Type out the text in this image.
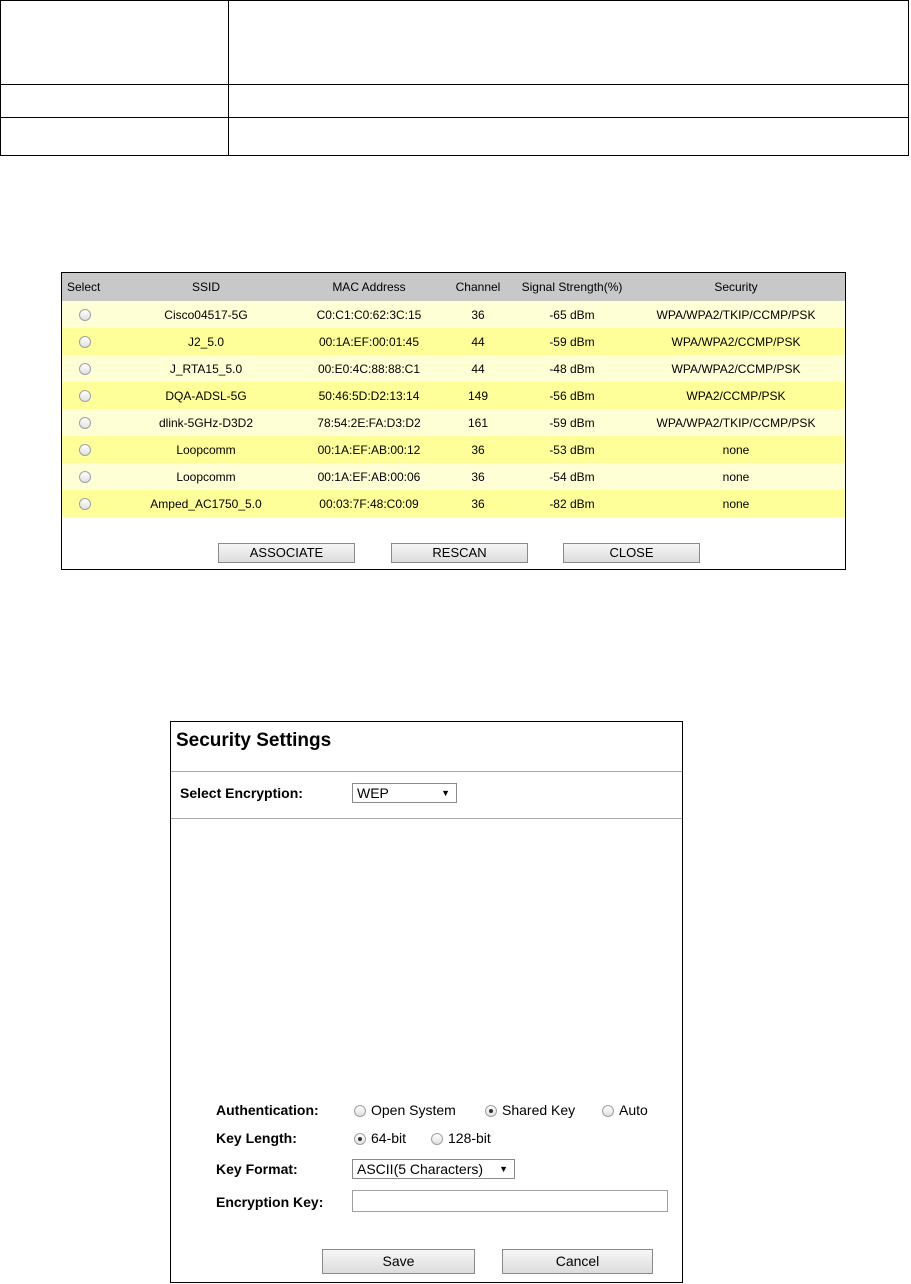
Select	SSID	MAC Address	Channel	Signal Strength(%)	Security
	Cisco04517-5G	C0:C1:C0:62:3C:15	36	-65 dBm	WPA/WPA2/TKIP/CCMP/PSK
	J2_5.0	00:1A:EF:00:01:45	44	-59 dBm	WPA/WPA2/CCMP/PSK
	J_RTA15_5.0	00:E0:4C:88:88:C1	44	-48 dBm	WPA/WPA2/CCMP/PSK
	DQA-ADSL-5G	50:46:5D:D2:13:14	149	-56 dBm	WPA2/CCMP/PSK
	dlink-5GHz-D3D2	78:54:2E:FA:D3:D2	161	-59 dBm	WPA/WPA2/TKIP/CCMP/PSK
	Loopcomm	00:1A:EF:AB:00:12	36	-53 dBm	none
	Loopcomm	00:1A:EF:AB:00:06	36	-54 dBm	none
	Amped_AC1750_5.0	00:03:7F:48:C0:09	36	-82 dBm	none
ASSOCIATE	RESCAN	CLOSE
Security Settings
Select Encryption:	WEP	▼
Authentication:	Open System	Shared Key	Auto
Key Length:	64-bit	128-bit
Key Format:	ASCII(5 Characters) ▼
Encryption Key:
Save	Cancel
